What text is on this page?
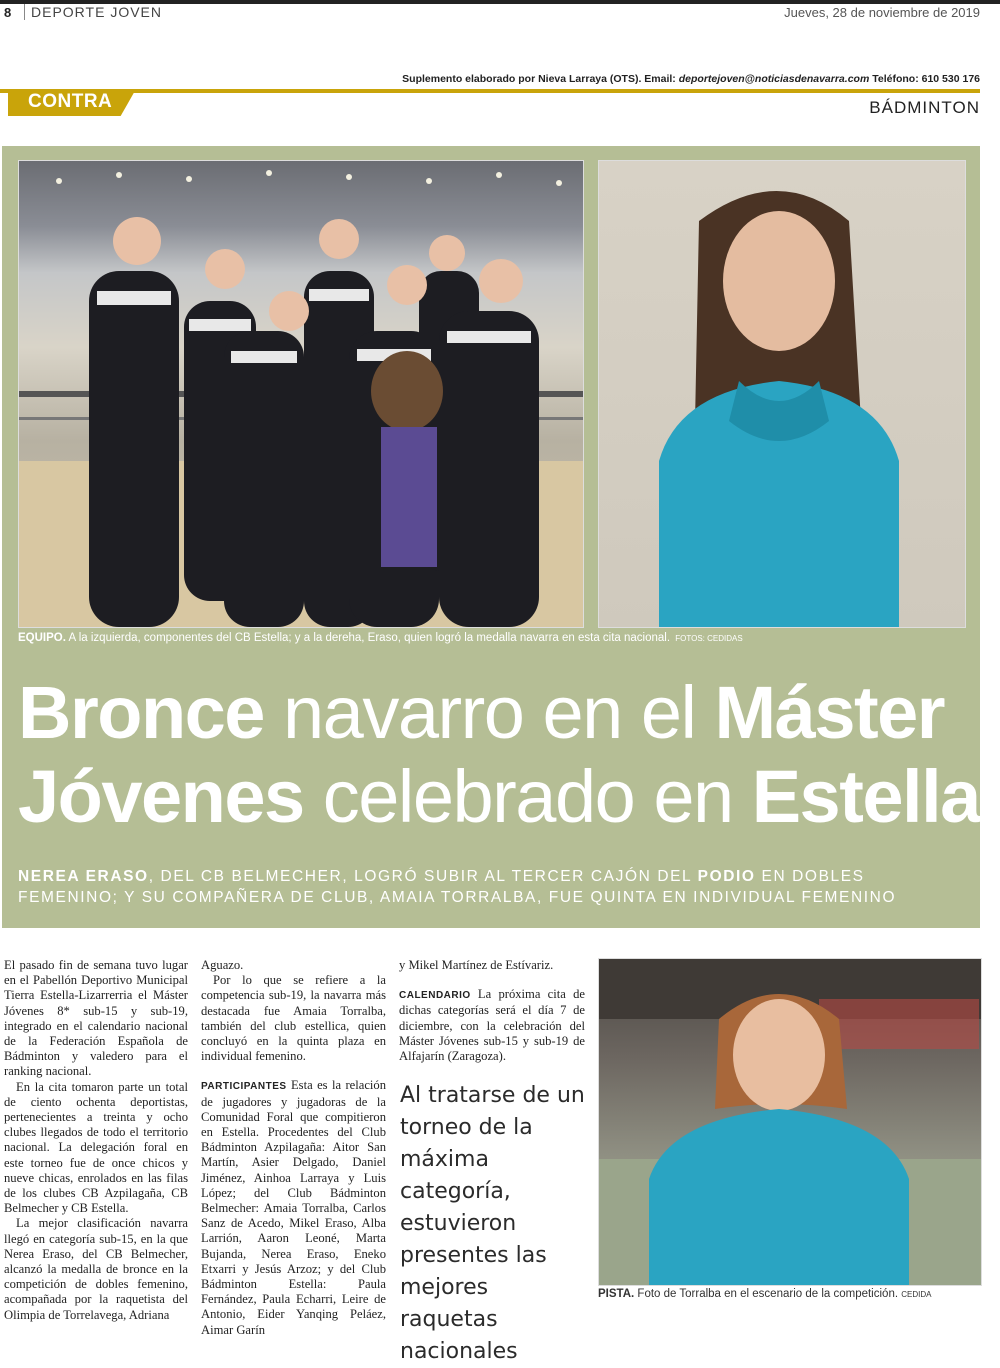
8	DEPORTE JOVEN	Jueves, 28 de noviembre de 2019
Suplemento elaborado por Nieva Larraya (OTS). Email: deportejoven@noticiasdenavarra.com Teléfono: 610 530 176
CONTRA	BÁDMINTON
EQUIPO. A la izquierda, componentes del CB Estella; y a la dereha, Eraso, quien logró la medalla navarra en esta cita nacional. FOTOS: CEDIDAS
Bronce navarro en el Máster
Jóvenes celebrado en Estella
NEREA ERASO, DEL CB BELMECHER, LOGRÓ SUBIR AL TERCER CAJÓN DEL PODIO EN DOBLES FEMENINO; Y SU COMPAÑERA DE CLUB, AMAIA TORRALBA, FUE QUINTA EN INDIVIDUAL FEMENINO

El pasado fin de semana tuvo lugar en el Pabellón Deportivo Municipal Tierra Estella-Lizarrerria el Máster Jóvenes 8* sub-15 y sub-19, integrado en el calendario nacional de la Federación Española de Bádminton y valedero para el ranking nacional.

En la cita tomaron parte un total de ciento ochenta deportistas, pertenecientes a treinta y ocho clubes llegados de todo el territorio nacional. La delegación foral en este torneo fue de once chicos y nueve chicas, enrolados en las filas de los clubes CB Azpilagaña, CB Belmecher y CB Estella.

La mejor clasificación navarra llegó en categoría sub-15, en la que Nerea Eraso, del CB Belmecher, alcanzó la medalla de bronce en la competición de dobles femenino, acompañada por la raquetista del Olimpia de Torrelavega, Adriana

Aguazo.

Por lo que se refiere a la competencia sub-19, la navarra más destacada fue Amaia Torralba, también del club estellica, quien concluyó en la quinta plaza en individual femenino.

PARTICIPANTES Esta es la relación de jugadores y jugadoras de la Comunidad Foral que compitieron en Estella. Procedentes del Club Bádminton Azpilagaña: Aitor San Martín, Asier Delgado, Daniel Jiménez, Ainhoa Larraya y Luis López; del Club Bádminton Belmecher: Amaia Torralba, Carlos Sanz de Acedo, Mikel Eraso, Alba Larrión, Aaron Leoné, Marta Bujanda, Nerea Eraso, Eneko Etxarri y Jesús Arzoz; y del Club Bádminton Estella: Paula Fernández, Paula Echarri, Leire de Antonio, Eider Yanqing Peláez, Aimar Garín

y Mikel Martínez de Estívariz.

CALENDARIO La próxima cita de dichas categorías será el día 7 de diciembre, con la celebración del Máster Jóvenes sub-15 y sub-19 de Alfajarín (Zaragoza).

Al tratarse de un torneo de la máxima categoría, estuvieron presentes las mejores raquetas nacionales
PISTA. Foto de Torralba en el escenario de la competición. CEDIDA
